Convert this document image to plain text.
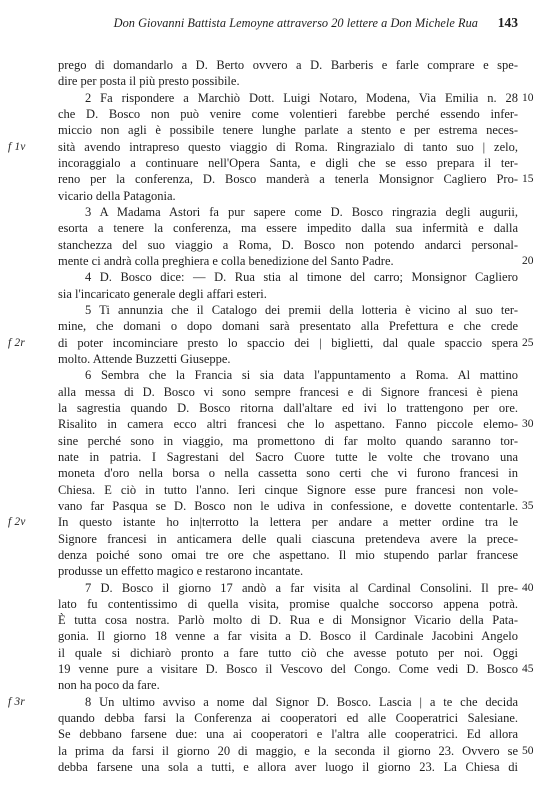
Don Giovanni Battista Lemoyne attraverso 20 lettere a Don Michele Rua 143
prego di domandarlo a D. Berto ovvero a D. Barberis e farle comprare e spe-
dire per posta il più presto possibile.
2 Fa rispondere a Marchiò Dott. Luigi Notaro, Modena, Via Emilia n. 28 10
che D. Bosco non può venire come volentieri farebbe perché essendo infer-
miccio non agli è possibile tenere lunghe parlate a stento e per estrema neces-
f 1v	sità avendo intrapreso questo viaggio di Roma. Ringrazialo di tanto suo | zelo,
incoraggialo a continuare nell'Opera Santa, e digli che se esso prepara il ter-
reno per la conferenza, D. Bosco manderà a tenerla Monsignor Cagliero Pro- 15
vicario della Patagonia.
3 A Madama Astori fa pur sapere come D. Bosco ringrazia degli augurii,
esorta a tenere la conferenza, ma essere impedito dalla sua infermità e dalla
stanchezza del suo viaggio a Roma, D. Bosco non potendo andarci personal-
mente ci andrà colla preghiera e colla benedizione del Santo Padre.	20
4 D. Bosco dice: — D. Rua stia al timone del carro; Monsignor Cagliero
sia l'incaricato generale degli affari esteri.
5 Ti annunzia che il Catalogo dei premii della lotteria è vicino al suo ter-
mine, che domani o dopo domani sarà presentato alla Prefettura e che crede
f 2r	di poter incominciare presto lo spaccio dei | biglietti, dal quale spaccio spera 25
molto. Attende Buzzetti Giuseppe.
6 Sembra che la Francia si sia data l'appuntamento a Roma. Al mattino
alla messa di D. Bosco vi sono sempre francesi e di Signore francesi è piena
la sagrestia quando D. Bosco ritorna dall'altare ed ivi lo trattengono per ore.
Risalito in camera ecco altri francesi che lo aspettano. Fanno piccole elemo- 30
sine perché sono in viaggio, ma promettono di far molto quando saranno tor-
nate in patria. I Sagrestani del Sacro Cuore tutte le volte che trovano una
moneta d'oro nella borsa o nella cassetta sono certi che vi furono francesi in
Chiesa. E ciò in tutto l'anno. Ieri cinque Signore esse pure francesi non vole-
vano far Pasqua se D. Bosco non le udiva in confessione, e dovette contentarle. 35
f 2v	In questo istante ho in|terrotto la lettera per andare a metter ordine tra le
Signore francesi in anticamera delle quali ciascuna pretendeva avere la prece-
denza poiché sono omai tre ore che aspettano. Il mio stupendo parlar francese
produsse un effetto magico e restarono incantate.
7 D. Bosco il giorno 17 andò a far visita al Cardinal Consolini. Il pre- 40
lato fu contentissimo di quella visita, promise qualche soccorso appena potrà.
È tutta cosa nostra. Parlò molto di D. Rua e di Monsignor Vicario della Pata-
gonia. Il giorno 18 venne a far visita a D. Bosco il Cardinale Jacobini Angelo
il quale si dichiarò pronto a fare tutto ciò che avesse potuto per noi. Oggi
19 venne pure a visitare D. Bosco il Vescovo del Congo. Come vedi D. Bosco 45
non ha poco da fare.
f 3r	8 Un ultimo avviso a nome dal Signor D. Bosco. Lascia | a te che decida
quando debba farsi la Conferenza ai cooperatori ed alle Cooperatrici Salesiane.
Se debbano farsene due: una ai cooperatori e l'altra alle cooperatrici. Ed allora
la prima da farsi il giorno 20 di maggio, e la seconda il giorno 23. Ovvero se 50
debba farsene una sola a tutti, e allora aver luogo il giorno 23. La Chiesa di
